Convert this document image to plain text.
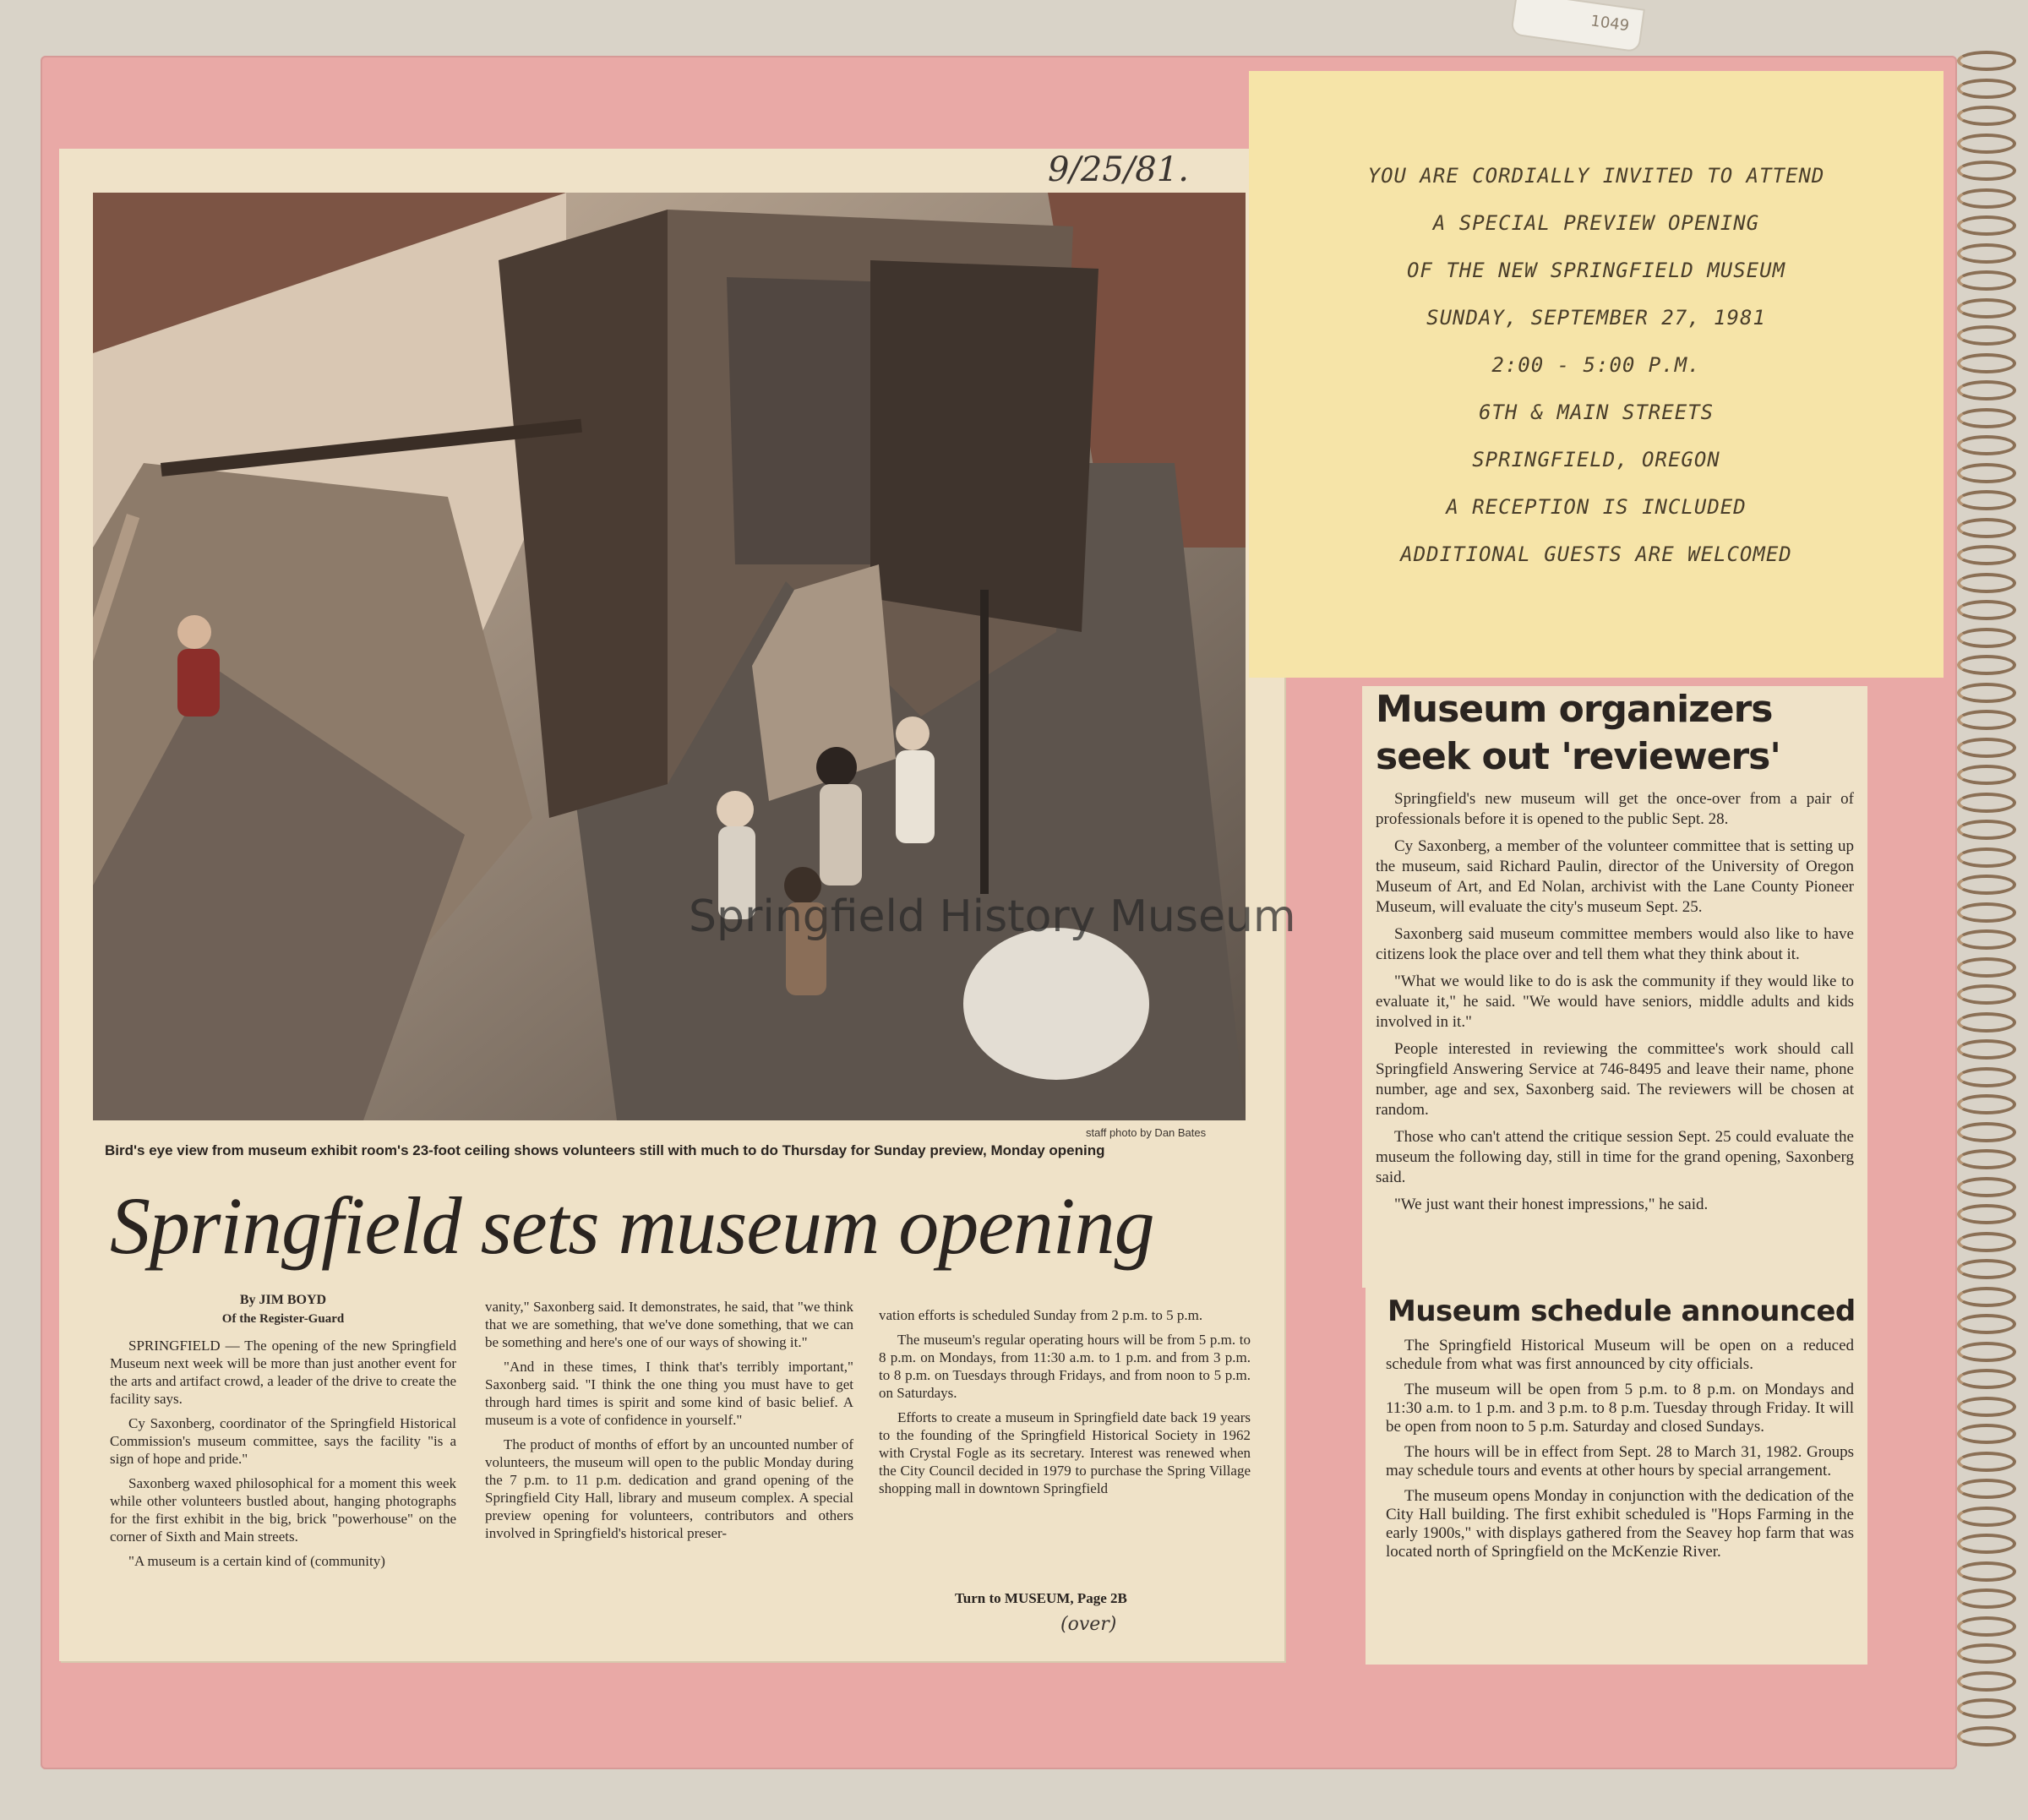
1049
9/25/81.
staff photo by Dan Bates
Bird's eye view from museum exhibit room's 23-foot ceiling shows volunteers still with much to do Thursday for Sunday preview, Monday opening
Springfield sets museum opening
By JIM BOYD
Of the Register-Guard

SPRINGFIELD — The opening of the new Springfield Museum next week will be more than just another event for the arts and artifact crowd, a leader of the drive to create the facility says.

Cy Saxonberg, coordinator of the Springfield Historical Commission's museum committee, says the facility "is a sign of hope and pride."

Saxonberg waxed philosophical for a moment this week while other volunteers bustled about, hanging photographs for the first exhibit in the big, brick "powerhouse" on the corner of Sixth and Main streets.

"A museum is a certain kind of (community)

vanity," Saxonberg said. It demonstrates, he said, that "we think that we are something, that we've done something, that we can be something and here's one of our ways of showing it."

"And in these times, I think that's terribly important," Saxonberg said. "I think the one thing you must have to get through hard times is spirit and some kind of basic belief. A museum is a vote of confidence in yourself."

The product of months of effort by an uncounted number of volunteers, the museum will open to the public Monday during the 7 p.m. to 11 p.m. dedication and grand opening of the Springfield City Hall, library and museum complex. A special preview opening for volunteers, contributors and others involved in Springfield's historical preser-

vation efforts is scheduled Sunday from 2 p.m. to 5 p.m.

The museum's regular operating hours will be from 5 p.m. to 8 p.m. on Mondays, from 11:30 a.m. to 1 p.m. and from 3 p.m. to 8 p.m. on Tuesdays through Fridays, and from noon to 5 p.m. on Saturdays.

Efforts to create a museum in Springfield date back 19 years to the founding of the Springfield Historical Society in 1962 with Crystal Fogle as its secretary. Interest was renewed when the City Council decided in 1979 to purchase the Spring Village shopping mall in downtown Springfield

Turn to MUSEUM, Page 2B
(over)
YOU ARE CORDIALLY INVITED TO ATTEND
A SPECIAL PREVIEW OPENING
OF THE NEW SPRINGFIELD MUSEUM
SUNDAY, SEPTEMBER 27, 1981
2:00 - 5:00 P.M.
6TH & MAIN STREETS
SPRINGFIELD, OREGON
A RECEPTION IS INCLUDED
ADDITIONAL GUESTS ARE WELCOMED
Museum organizers
seek out 'reviewers'

Springfield's new museum will get the once-over from a pair of professionals before it is opened to the public Sept. 28.

Cy Saxonberg, a member of the volunteer committee that is setting up the museum, said Richard Paulin, director of the University of Oregon Museum of Art, and Ed Nolan, archivist with the Lane County Pioneer Museum, will evaluate the city's museum Sept. 25.

Saxonberg said museum committee members would also like to have citizens look the place over and tell them what they think about it.

"What we would like to do is ask the community if they would like to evaluate it," he said. "We would have seniors, middle adults and kids involved in it."

People interested in reviewing the committee's work should call Springfield Answering Service at 746-8495 and leave their name, phone number, age and sex, Saxonberg said. The reviewers will be chosen at random.

Those who can't attend the critique session Sept. 25 could evaluate the museum the following day, still in time for the grand opening, Saxonberg said.

"We just want their honest impressions," he said.

Museum schedule announced

The Springfield Historical Museum will be open on a reduced schedule from what was first announced by city officials.

The museum will be open from 5 p.m. to 8 p.m. on Mondays and 11:30 a.m. to 1 p.m. and 3 p.m. to 8 p.m. Tuesday through Friday. It will be open from noon to 5 p.m. Saturday and closed Sundays.

The hours will be in effect from Sept. 28 to March 31, 1982. Groups may schedule tours and events at other hours by special arrangement.

The museum opens Monday in conjunction with the dedication of the City Hall building. The first exhibit scheduled is "Hops Farming in the early 1900s," with displays gathered from the Seavey hop farm that was located north of Springfield on the McKenzie River.

Springfield History Museum
